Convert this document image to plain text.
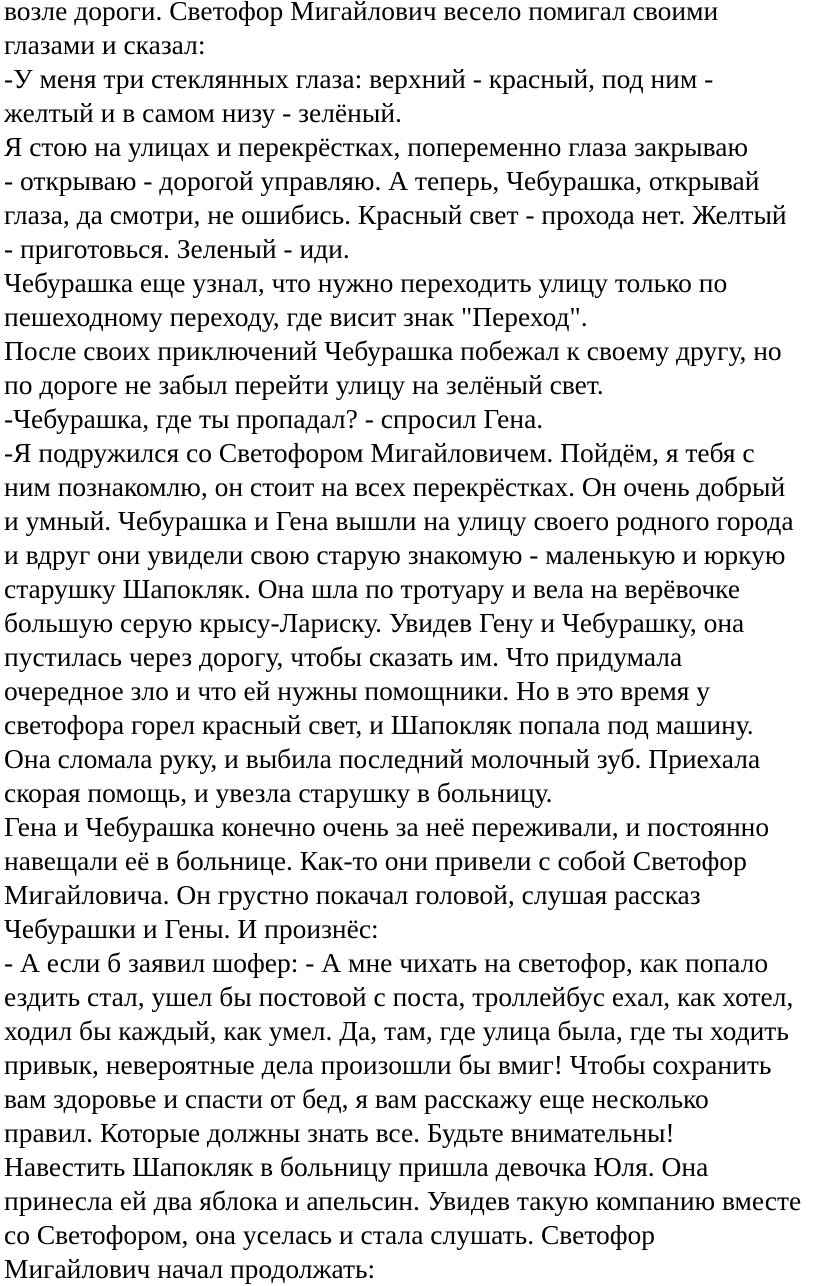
возле дороги. Светофор Мигайлович весело помигал своими

глазами и сказал:

-У меня три стеклянных глаза: верхний - красный, под ним -

желтый и в самом низу - зелёный.

Я стою на улицах и перекрёстках, попеременно глаза закрываю

- открываю - дорогой управляю. А теперь, Чебурашка, открывай

глаза, да смотри, не ошибись. Красный свет - прохода нет. Желтый

- приготовься. Зеленый - иди.

Чебурашка еще узнал, что нужно переходить улицу только по

пешеходному переходу, где висит знак "Переход".

После своих приключений Чебурашка побежал к своему другу, но

по дороге не забыл перейти улицу на зелёный свет.

-Чебурашка, где ты пропадал? - спросил Гена.

-Я подружился со Светофором Мигайловичем. Пойдём, я тебя с

ним познакомлю, он стоит на всех перекрёстках. Он очень добрый

и умный. Чебурашка и Гена вышли на улицу своего родного города

и вдруг они увидели свою старую знакомую - маленькую и юркую

старушку Шапокляк. Она шла по тротуару и вела на верёвочке

большую серую крысу-Лариску. Увидев Гену и Чебурашку, она

пустилась через дорогу, чтобы сказать им. Что придумала

очередное зло и что ей нужны помощники. Но в это время у

светофора горел красный свет, и Шапокляк попала под машину.

Она сломала руку, и выбила последний молочный зуб. Приехала

скорая помощь, и увезла старушку в больницу.

Гена и Чебурашка конечно очень за неё переживали, и постоянно

навещали её в больнице. Как-то они привели с собой Светофор

Мигайловича. Он грустно покачал головой, слушая рассказ

Чебурашки и Гены. И произнёс:

- А если б заявил шофер: - А мне чихать на светофор, как попало

ездить стал, ушел бы постовой с поста, троллейбус ехал, как хотел,

ходил бы каждый, как умел. Да, там, где улица была, где ты ходить

привык, невероятные дела произошли бы вмиг! Чтобы сохранить

вам здоровье и спасти от бед, я вам расскажу еще несколько

правил. Которые должны знать все. Будьте внимательны!

Навестить Шапокляк в больницу пришла девочка Юля. Она

принесла ей два яблока и апельсин. Увидев такую компанию вместе

со Светофором, она уселась и стала слушать. Светофор

Мигайлович начал продолжать:
